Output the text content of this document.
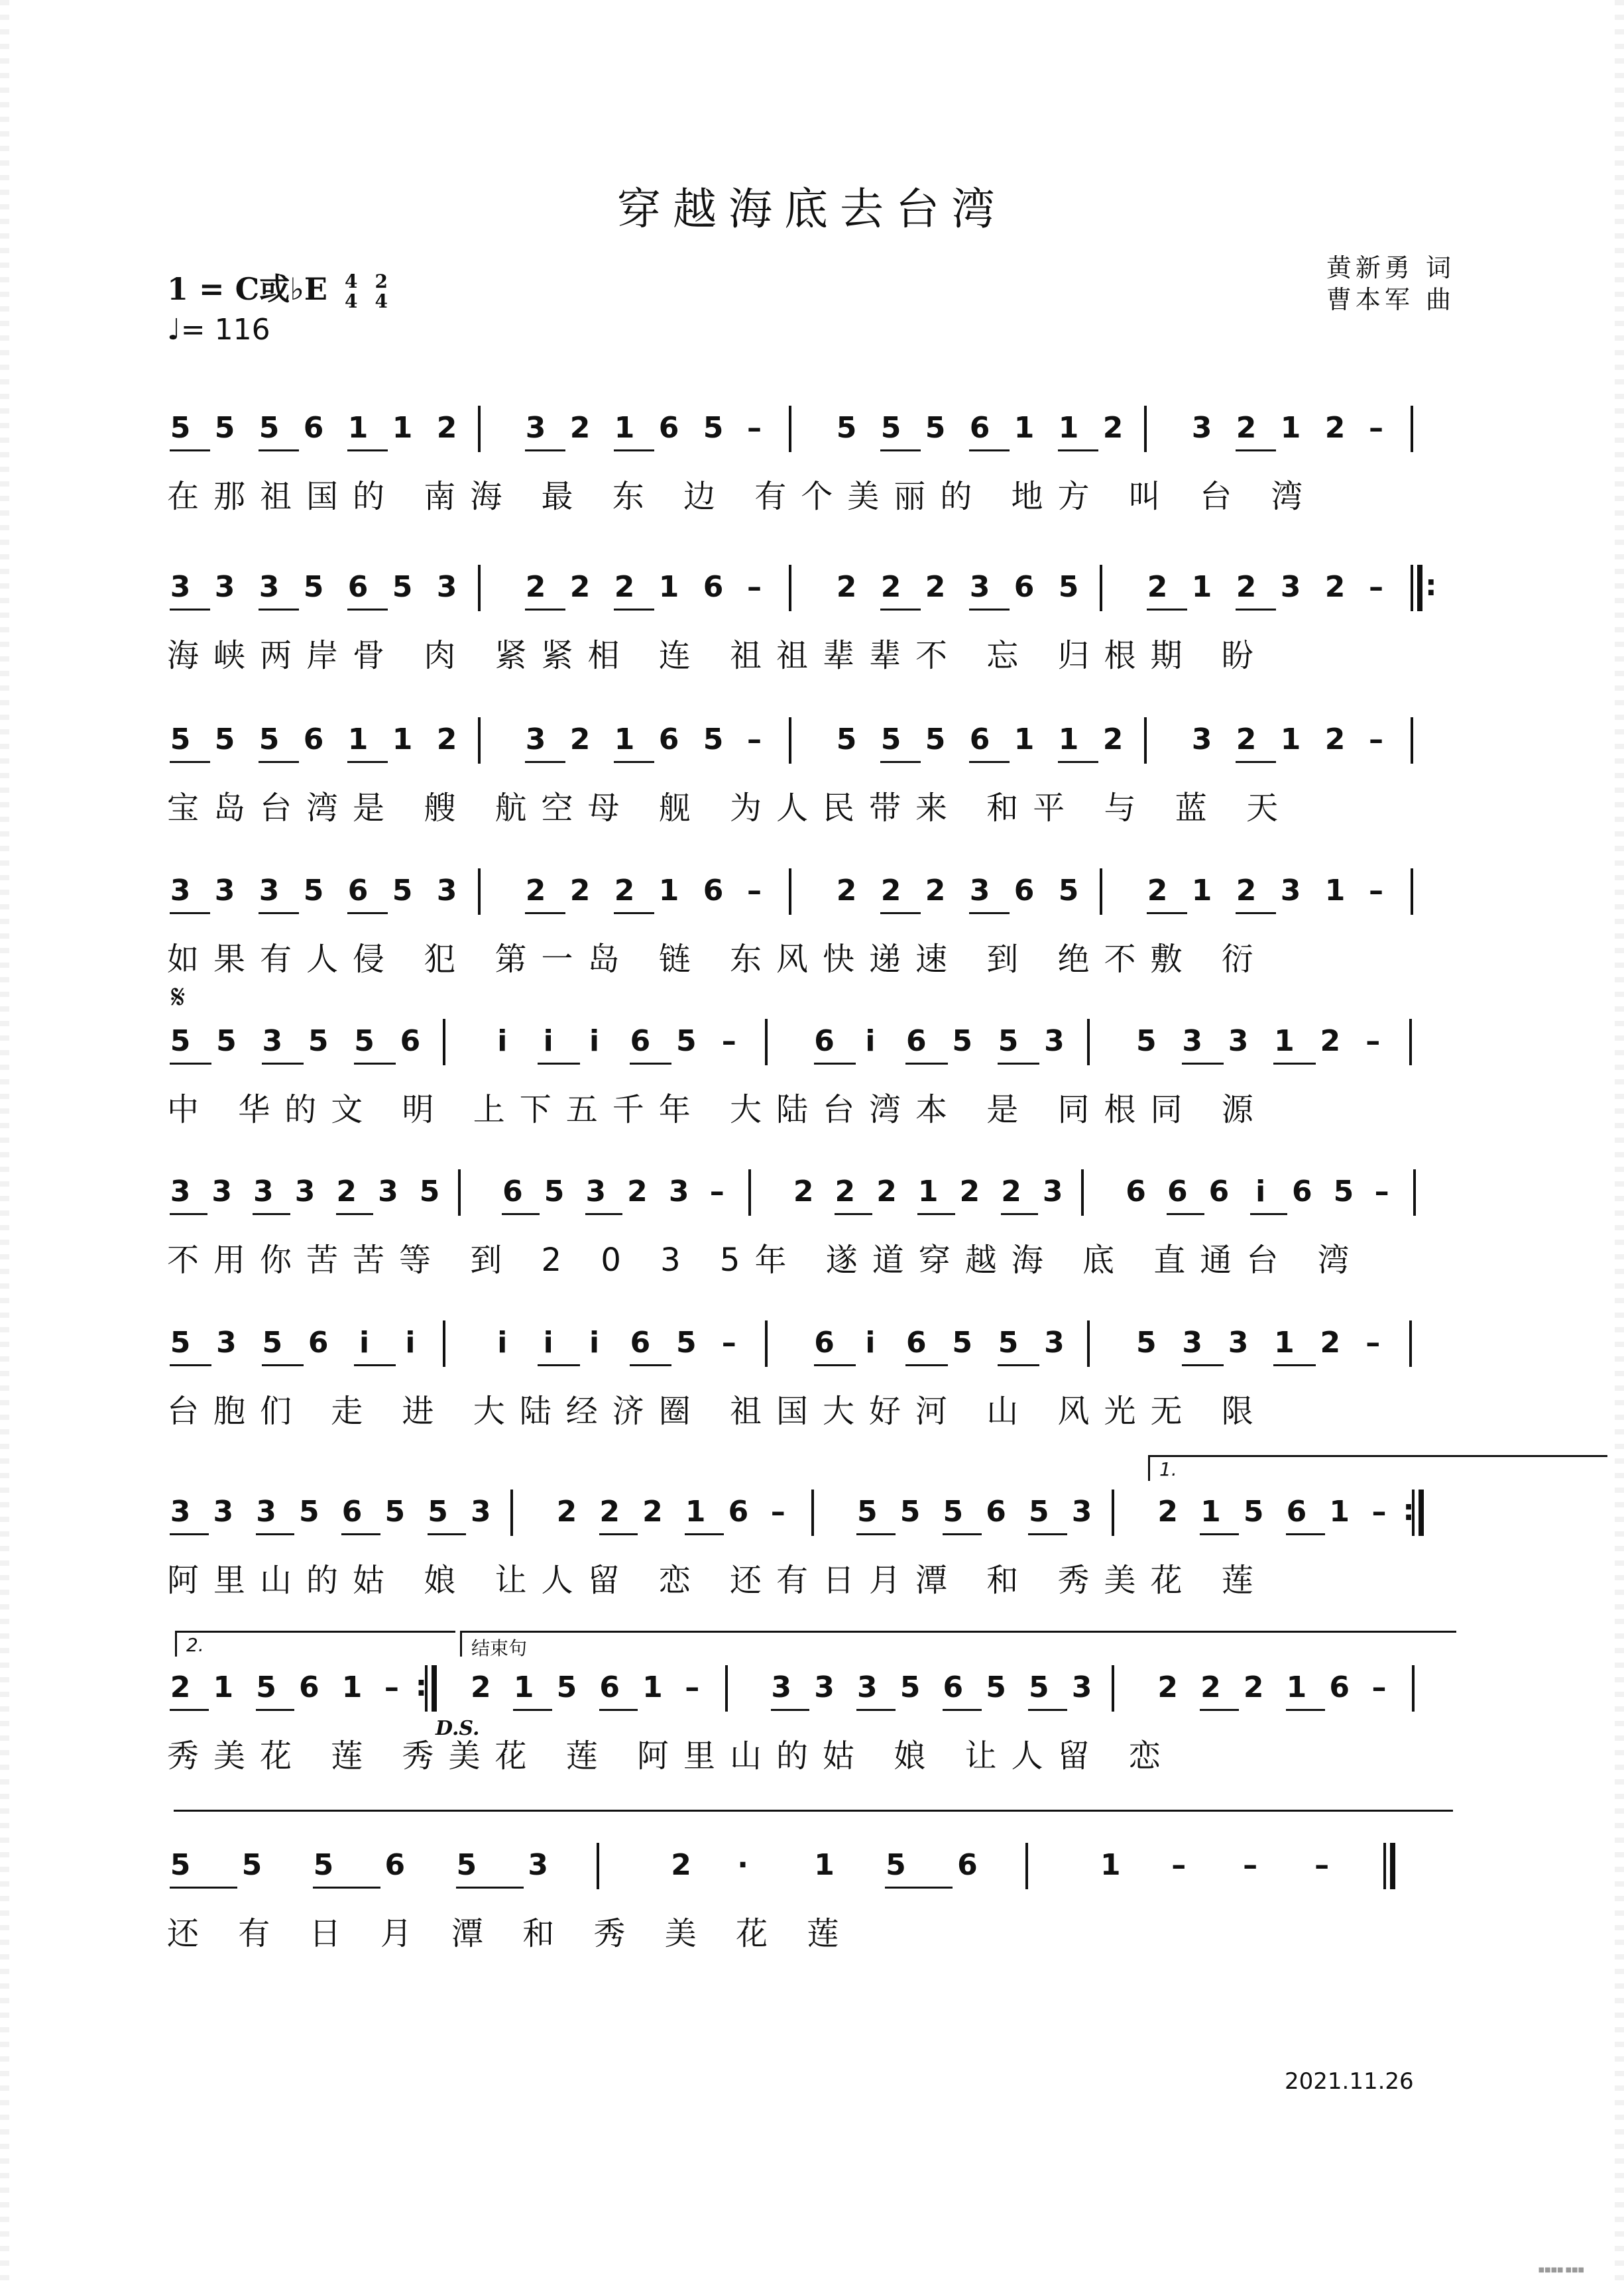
穿越海底去台湾
1 = C或♭E 4
4 2
4
♩= 116
黄新勇 词
曹本军 曲
5 5 5 6 1 1 2 3 2 1 6 5 –	5 5 5 6 1 1 2 3 2 1 2 –
在那祖国的 南海 最 东 边 有个美丽的 地方 叫 台 湾
3 3 3 5 6 5 3 2 2 2 1 6 –	2 2 2 3 6 5 2 1 2 3 2 – :
海峡两岸骨 肉 紧紧相 连 祖祖辈辈不 忘 归根期 盼
5 5 5 6 1 1 2 3 2 1 6 5 –	5 5 5 6 1 1 2 3 2 1 2 –
宝岛台湾是 艘 航空母 舰 为人民带来 和平 与 蓝 天
3 3 3 5 6 5 3 2 2 2 1 6 –	2 2 2 3 6 5 2 1 2 3 1 –
如果有人侵 犯 第一岛 链 东风快递速 到 绝不敷 衍
5 5 3 5 5 6	i i i 6 5 –	6 i 6 5 5 3 5 3 3 1 2 –
中 华的文 明 上下五千年 大陆台湾本 是 同根同 源
3 3 3 3 2 3 5 6 5 3 2 3 – 2 2 2 1 2 2 3 6 6 6 i 6 5 –
不用你苦苦等 到 2 0 3 5年 遂道穿越海 底 直通台 湾
5 3 5 6 i i	i i i 6 5 –	6 i 6 5 5 3 5 3 3 1 2 –
台胞们 走 进 大陆经济圈 祖国大好河 山 风光无 限
3 3 3 5 6 5 5 3 2 2 2 1 6 – 5 5 5 6 5 3 2 1 5 6 1 – :
1.
阿里山的姑 娘 让人留 恋 还有日月潭 和 秀美花 莲
2 1 5 6 1 – : 2 1 5 6 1 – 3 3 3 5 6 5 5 3 2 2 2 1 6 –
2.	结束句
D.S.
秀美花 莲 秀美花 莲 阿里山的姑 娘 让人留 恋
5 5 5 6 5 3	2 · 1 5 6	1 – – –
还 有 日 月 潭 和 秀 美 花 莲
𝄋
2021.11.26
■■■■ ■■■
